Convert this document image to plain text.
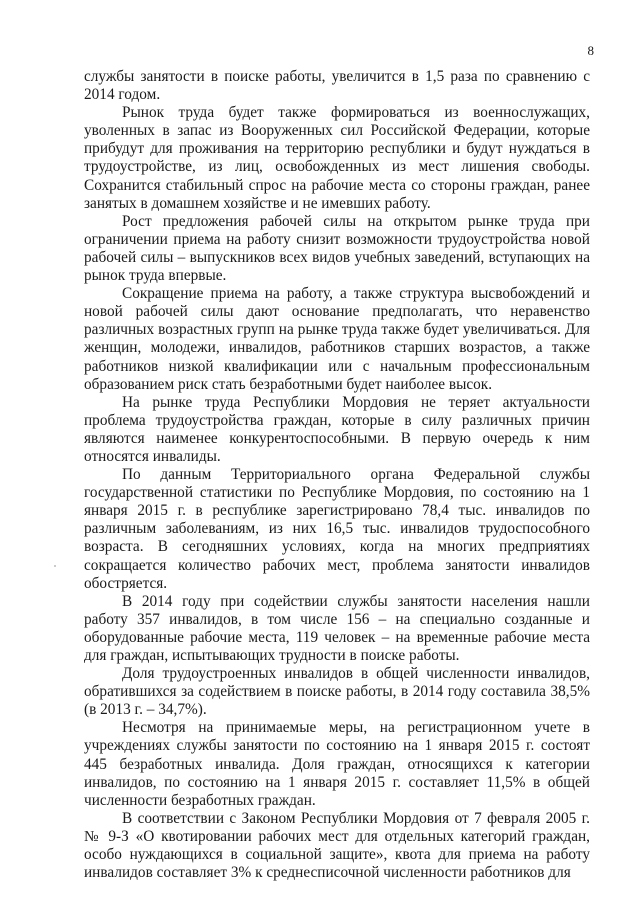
8

службы занятости в поиске работы, увеличится в 1,5 раза по сравнению с 2014 годом.

Рынок труда будет также формироваться из военнослужащих, уволенных в запас из Вооруженных сил Российской Федерации, которые прибудут для проживания на территорию республики и будут нуждаться в трудоустройстве, из лиц, освобожденных из мест лишения свободы. Сохранится стабильный спрос на рабочие места со стороны граждан, ранее занятых в домашнем хозяйстве и не имевших работу.

Рост предложения рабочей силы на открытом рынке труда при ограничении приема на работу снизит возможности трудоустройства новой рабочей силы – выпускников всех видов учебных заведений, вступающих на рынок труда впервые.

Сокращение приема на работу, а также структура высвобождений и новой рабочей силы дают основание предполагать, что неравенство различных возрастных групп на рынке труда также будет увеличиваться. Для женщин, молодежи, инвалидов, работников старших возрастов, а также работников низкой квалификации или с начальным профессиональным образованием риск стать безработными будет наиболее высок.

На рынке труда Республики Мордовия не теряет актуальности проблема трудоустройства граждан, которые в силу различных причин являются наименее конкурентоспособными. В первую очередь к ним относятся инвалиды.

По данным Территориального органа Федеральной службы государственной статистики по Республике Мордовия, по состоянию на 1 января 2015 г. в республике зарегистрировано 78,4 тыс. инвалидов по различным заболеваниям, из них 16,5 тыс. инвалидов трудоспособного возраста. В сегодняшних условиях, когда на многих предприятиях сокращается количество рабочих мест, проблема занятости инвалидов обостряется.

В 2014 году при содействии службы занятости населения нашли работу 357 инвалидов, в том числе 156 – на специально созданные и оборудованные рабочие места, 119 человек – на временные рабочие места для граждан, испытывающих трудности в поиске работы.

Доля трудоустроенных инвалидов в общей численности инвалидов, обратившихся за содействием в поиске работы, в 2014 году составила 38,5% (в 2013 г. – 34,7%).

Несмотря на принимаемые меры, на регистрационном учете в учреждениях службы занятости по состоянию на 1 января 2015 г. состоят 445 безработных инвалида. Доля граждан, относящихся к категории инвалидов, по состоянию на 1 января 2015 г. составляет 11,5% в общей численности безработных граждан.

В соответствии с Законом Республики Мордовия от 7 февраля 2005 г. № 9-З «О квотировании рабочих мест для отдельных категорий граждан, особо нуждающихся в социальной защите», квота для приема на работу инвалидов составляет 3% к среднесписочной численности работников для
